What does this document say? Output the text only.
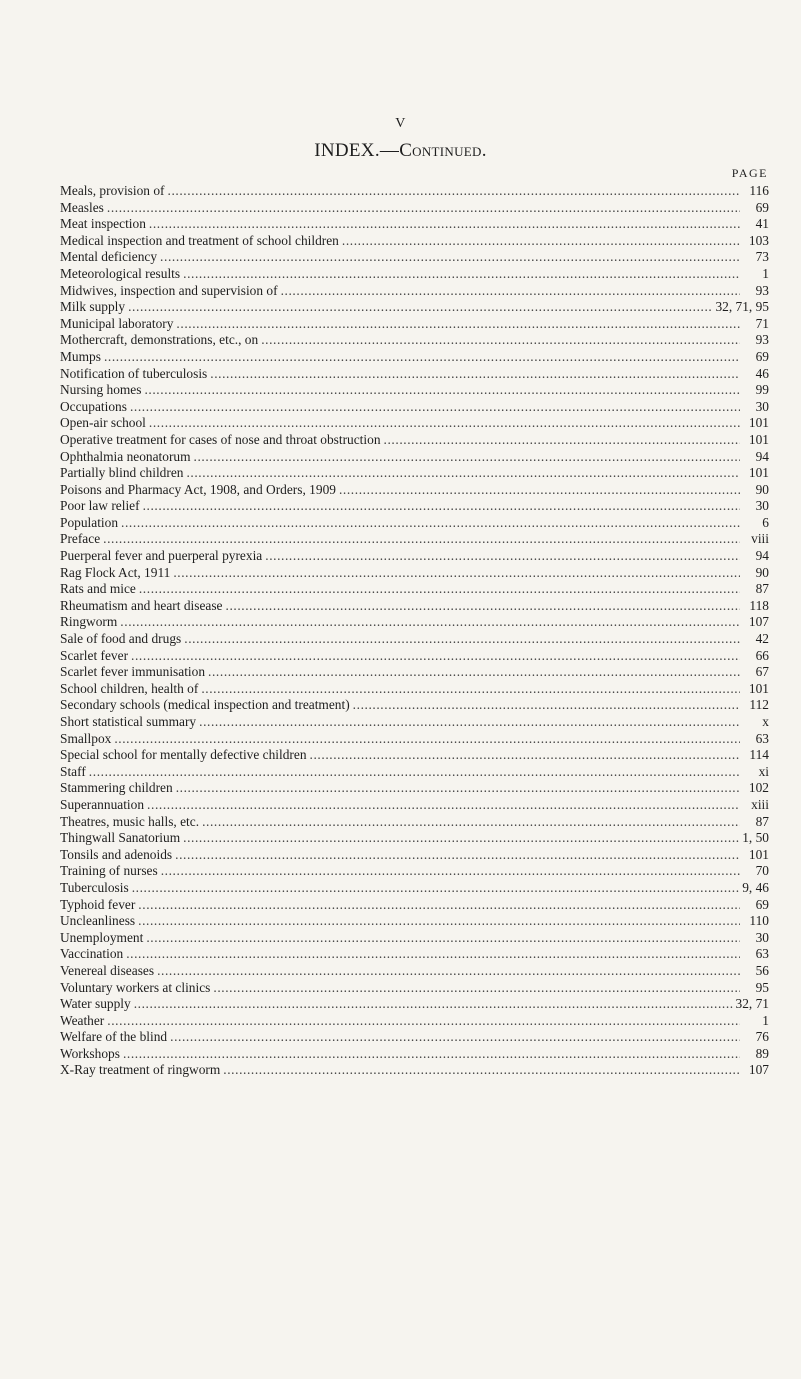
V
INDEX.—Continued.
PAGE
Meals, provision of .....	116
Measles .....	69
Meat inspection .....	41
Medical inspection and treatment of school children .....	103
Mental deficiency .....	73
Meteorological results .....	1
Midwives, inspection and supervision of .....	93
Milk supply .....	32, 71, 95
Municipal laboratory .....	71
Mothercraft, demonstrations, etc., on .....	93
Mumps .....	69
Notification of tuberculosis .....	46
Nursing homes .....	99
Occupations .....	30
Open-air school .....	101
Operative treatment for cases of nose and throat obstruction .....	101
Ophthalmia neonatorum .....	94
Partially blind children .....	101
Poisons and Pharmacy Act, 1908, and Orders, 1909 .....	90
Poor law relief .....	30
Population .....	6
Preface .....	viii
Puerperal fever and puerperal pyrexia .....	94
Rag Flock Act, 1911 .....	90
Rats and mice .....	87
Rheumatism and heart disease .....	118
Ringworm .....	107
Sale of food and drugs .....	42
Scarlet fever .....	66
Scarlet fever immunisation .....	67
School children, health of .....	101
Secondary schools (medical inspection and treatment) .....	112
Short statistical summary .....	x
Smallpox .....	63
Special school for mentally defective children .....	114
Staff .....	xi
Stammering children .....	102
Superannuation .....	xiii
Theatres, music halls, etc. .....	87
Thingwall Sanatorium .....	1, 50
Tonsils and adenoids .....	101
Training of nurses .....	70
Tuberculosis .....	9, 46
Typhoid fever .....	69
Uncleanliness .....	110
Unemployment .....	30
Vaccination .....	63
Venereal diseases .....	56
Voluntary workers at clinics .....	95
Water supply .....	32, 71
Weather .....	1
Welfare of the blind .....	76
Workshops .....	89
X-Ray treatment of ringworm .....	107
